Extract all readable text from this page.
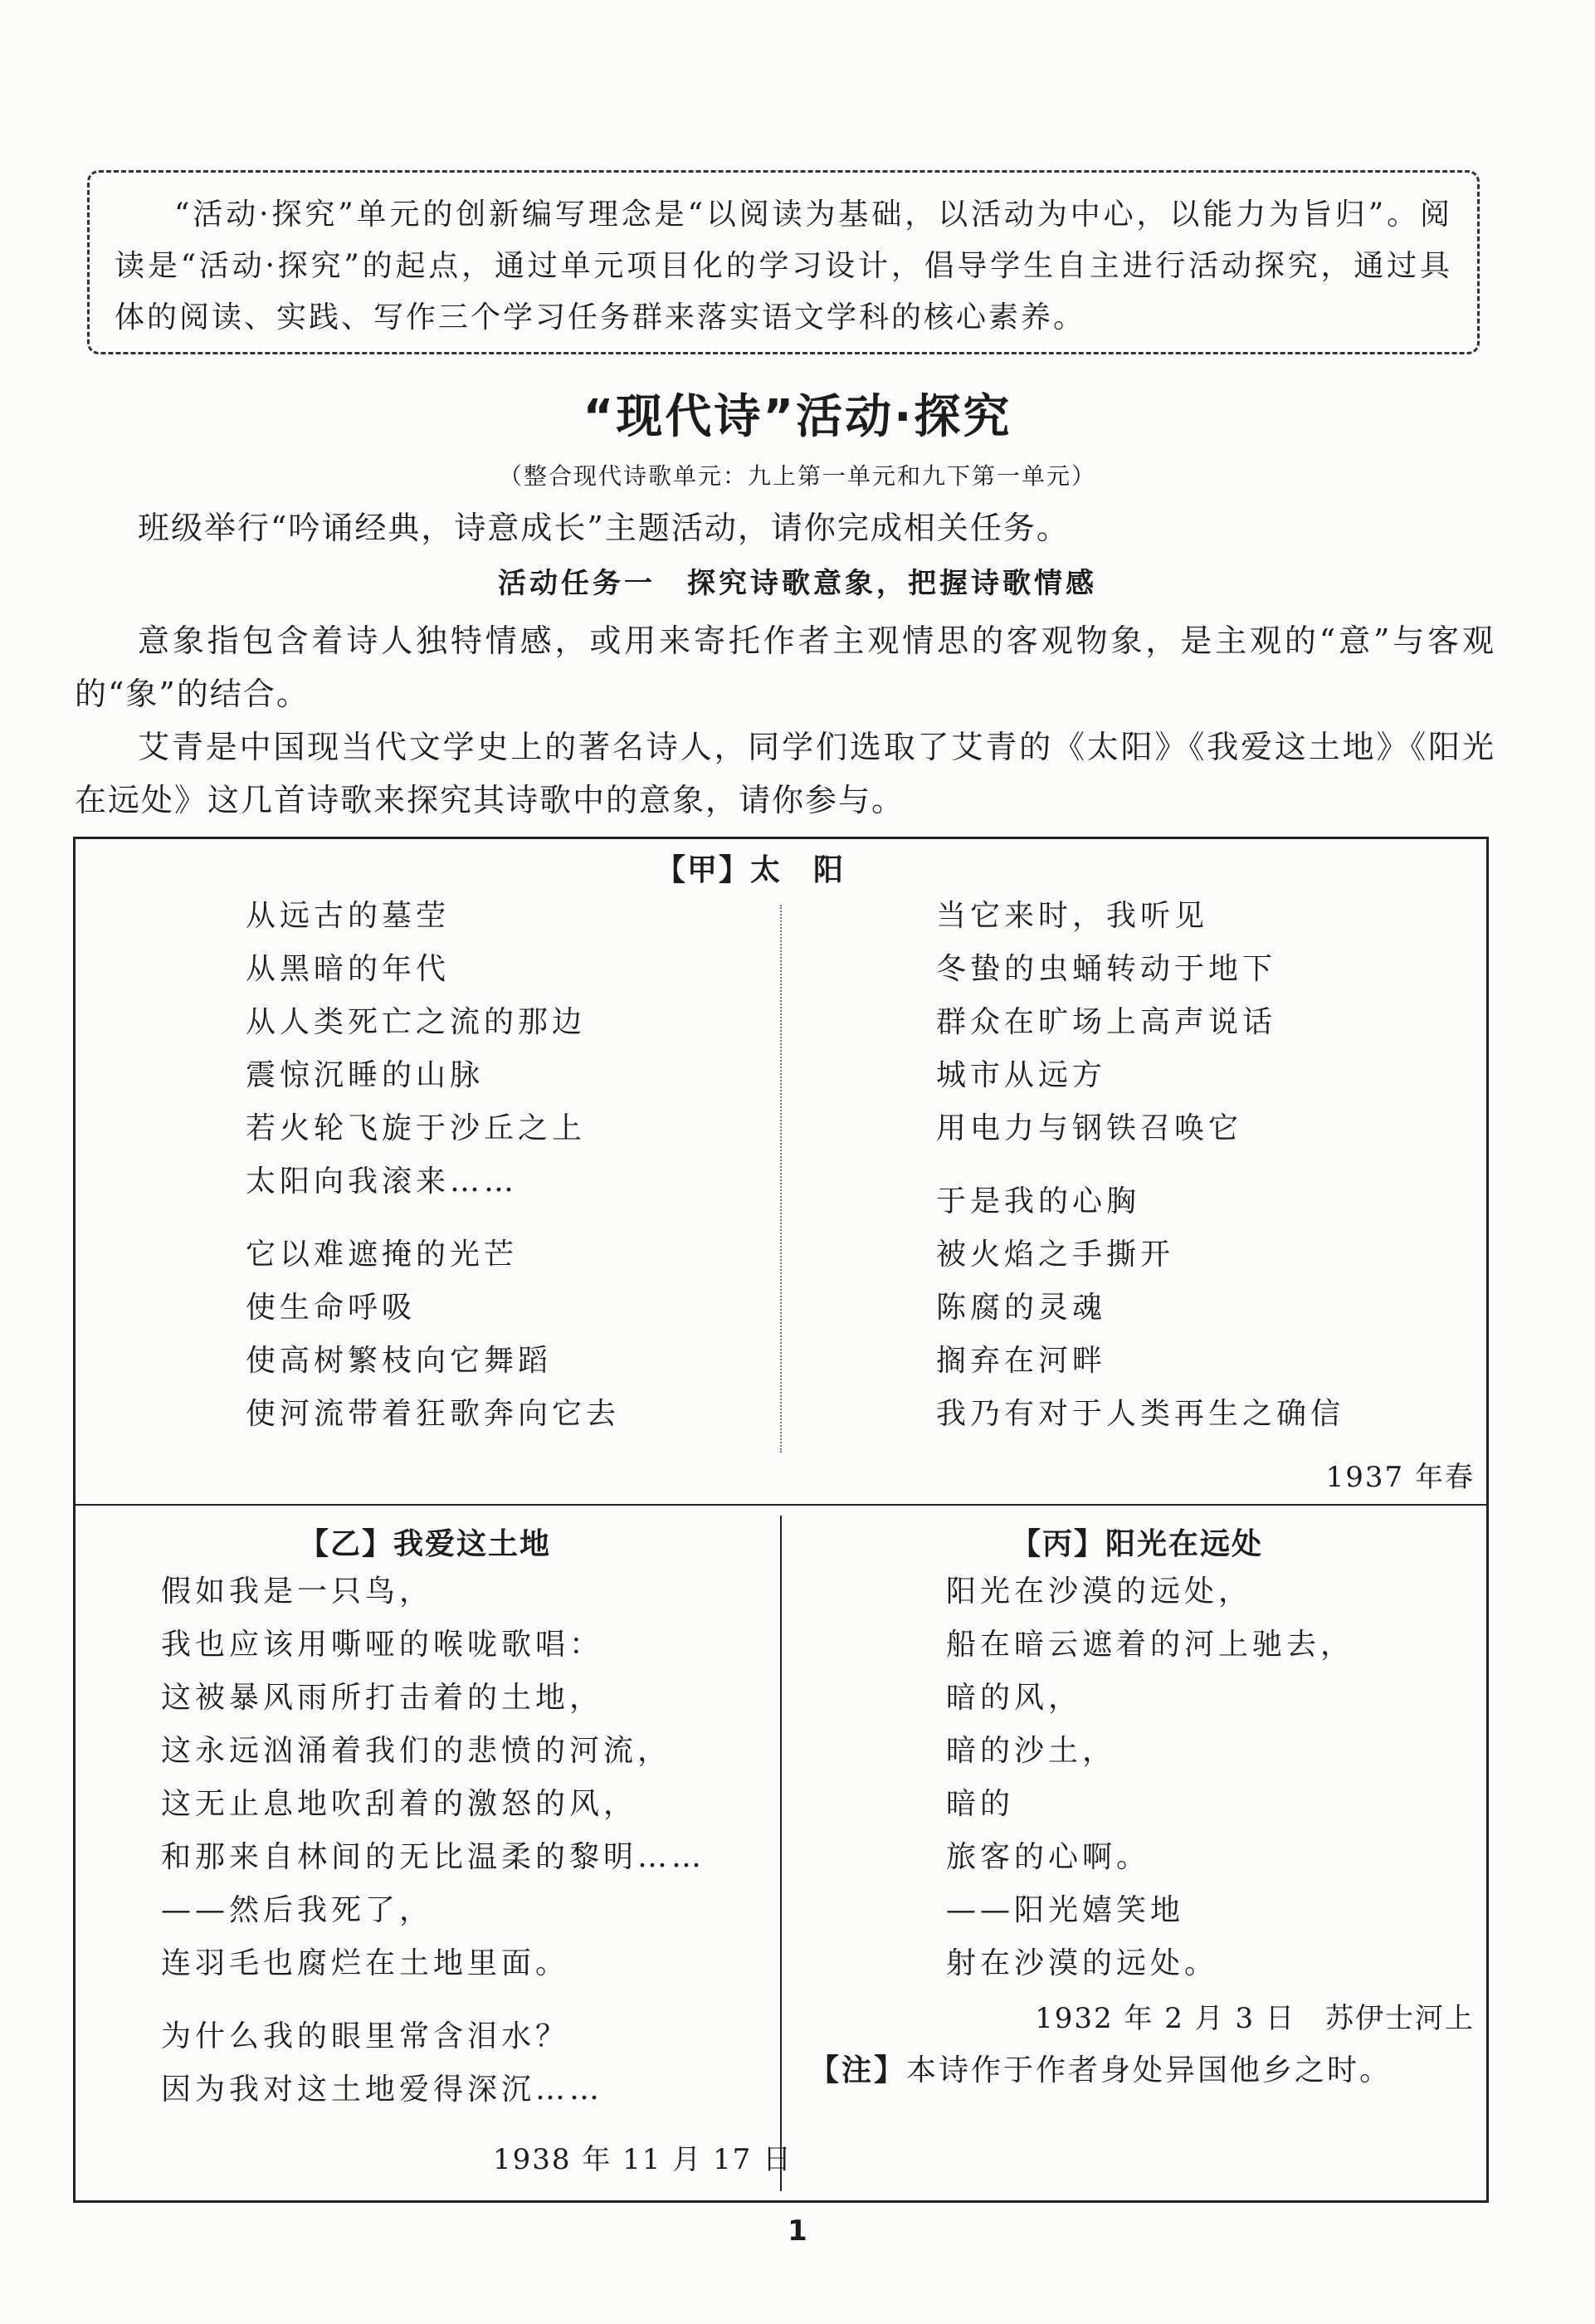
“活动·探究”单元的创新编写理念是“以阅读为基础，以活动为中心，以能力为旨归”。阅读是“活动·探究”的起点，通过单元项目化的学习设计，倡导学生自主进行活动探究，通过具体的阅读、实践、写作三个学习任务群来落实语文学科的核心素养。

“现代诗”活动·探究
（整合现代诗歌单元：九上第一单元和九下第一单元）

班级举行“吟诵经典，诗意成长”主题活动，请你完成相关任务。

活动任务一　探究诗歌意象，把握诗歌情感

意象指包含着诗人独特情感，或用来寄托作者主观情思的客观物象，是主观的“意”与客观的“象”的结合。

艾青是中国现当代文学史上的著名诗人，同学们选取了艾青的《太阳》《我爱这土地》《阳光在远处》这几首诗歌来探究其诗歌中的意象，请你参与。

【甲】太　阳
从远古的墓茔
从黑暗的年代
从人类死亡之流的那边
震惊沉睡的山脉
若火轮飞旋于沙丘之上
太阳向我滚来……
它以难遮掩的光芒
使生命呼吸
使高树繁枝向它舞蹈
使河流带着狂歌奔向它去
当它来时，我听见
冬蛰的虫蛹转动于地下
群众在旷场上高声说话
城市从远方
用电力与钢铁召唤它
于是我的心胸
被火焰之手撕开
陈腐的灵魂
搁弃在河畔
我乃有对于人类再生之确信
1937 年春
【乙】我爱这土地
假如我是一只鸟，
我也应该用嘶哑的喉咙歌唱：
这被暴风雨所打击着的土地，
这永远汹涌着我们的悲愤的河流，
这无止息地吹刮着的激怒的风，
和那来自林间的无比温柔的黎明……
——然后我死了，
连羽毛也腐烂在土地里面。
为什么我的眼里常含泪水？
因为我对这土地爱得深沉……
1938 年 11 月 17 日
【丙】阳光在远处
阳光在沙漠的远处，
船在暗云遮着的河上驰去，
暗的风，
暗的沙土，
暗的
旅客的心啊。
——阳光嬉笑地
射在沙漠的远处。
1932 年 2 月 3 日　苏伊士河上
【注】本诗作于作者身处异国他乡之时。
1
